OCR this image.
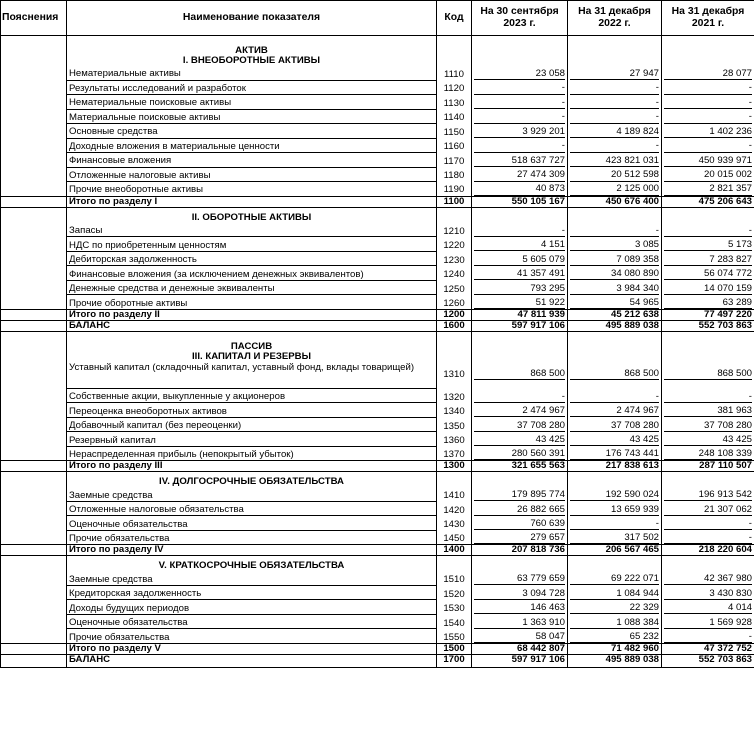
Пояснения	Наименование показателя	Код	На 30 сентября 2023 г.	На 31 декабря 2022 г.	На 31 декабря 2021 г.

	АКТИВ
I. ВНЕОБОРОТНЫЕ АКТИВЫ				

	Нематериальные активы	1110	23 058	27 947	28 077

	Результаты исследований и разработок	1120	-	-	-

	Нематериальные поисковые активы	1130	-	-	-

	Материальные поисковые активы	1140	-	-	-

	Основные средства	1150	3 929 201	4 189 824	1 402 236

	Доходные вложения в материальные ценности	1160	-	-	-

	Финансовые вложения	1170	518 637 727	423 821 031	450 939 971

	Отложенные налоговые активы	1180	27 474 309	20 512 598	20 015 002

	Прочие внеоборотные активы	1190	40 873	2 125 000	2 821 357

	Итого по разделу I	1100	550 105 167	450 676 400	475 206 643

	II. ОБОРОТНЫЕ АКТИВЫ				

	Запасы	1210	-	-	-

	НДС по приобретенным ценностям	1220	4 151	3 085	5 173

	Дебиторская задолженность	1230	5 605 079	7 089 358	7 283 827

	Финансовые вложения (за исключением денежных эквивалентов)	1240	41 357 491	34 080 890	56 074 772

	Денежные средства и денежные эквиваленты	1250	793 295	3 984 340	14 070 159

	Прочие оборотные активы	1260	51 922	54 965	63 289

	Итого по разделу II	1200	47 811 939	45 212 638	77 497 220
	БАЛАНС	1600	597 917 106	495 889 038	552 703 863

	ПАССИВ
III. КАПИТАЛ И РЕЗЕРВЫ				

	Уставный капитал (складочный капитал, уставный фонд, вклады товарищей)	1310	868 500	868 500	868 500

	Собственные акции, выкупленные у акционеров	1320	-	-	-

	Переоценка внеоборотных активов	1340	2 474 967	2 474 967	381 963

	Добавочный капитал (без переоценки)	1350	37 708 280	37 708 280	37 708 280

	Резервный капитал	1360	43 425	43 425	43 425

	Нераспределенная прибыль (непокрытый убыток)	1370	280 560 391	176 743 441	248 108 339

	Итого по разделу III	1300	321 655 563	217 838 613	287 110 507

	IV. ДОЛГОСРОЧНЫЕ ОБЯЗАТЕЛЬСТВА				

	Заемные средства	1410	179 895 774	192 590 024	196 913 542

	Отложенные налоговые обязательства	1420	26 882 665	13 659 939	21 307 062

	Оценочные обязательства	1430	760 639	-	-

	Прочие обязательства	1450	279 657	317 502	-

	Итого по разделу IV	1400	207 818 736	206 567 465	218 220 604

	V. КРАТКОСРОЧНЫЕ ОБЯЗАТЕЛЬСТВА				

	Заемные средства	1510	63 779 659	69 222 071	42 367 980

	Кредиторская задолженность	1520	3 094 728	1 084 944	3 430 830

	Доходы будущих периодов	1530	146 463	22 329	4 014

	Оценочные обязательства	1540	1 363 910	1 088 384	1 569 928

	Прочие обязательства	1550	58 047	65 232	-

	Итого по разделу V	1500	68 442 807	71 482 960	47 372 752
	БАЛАНС	1700	597 917 106	495 889 038	552 703 863
